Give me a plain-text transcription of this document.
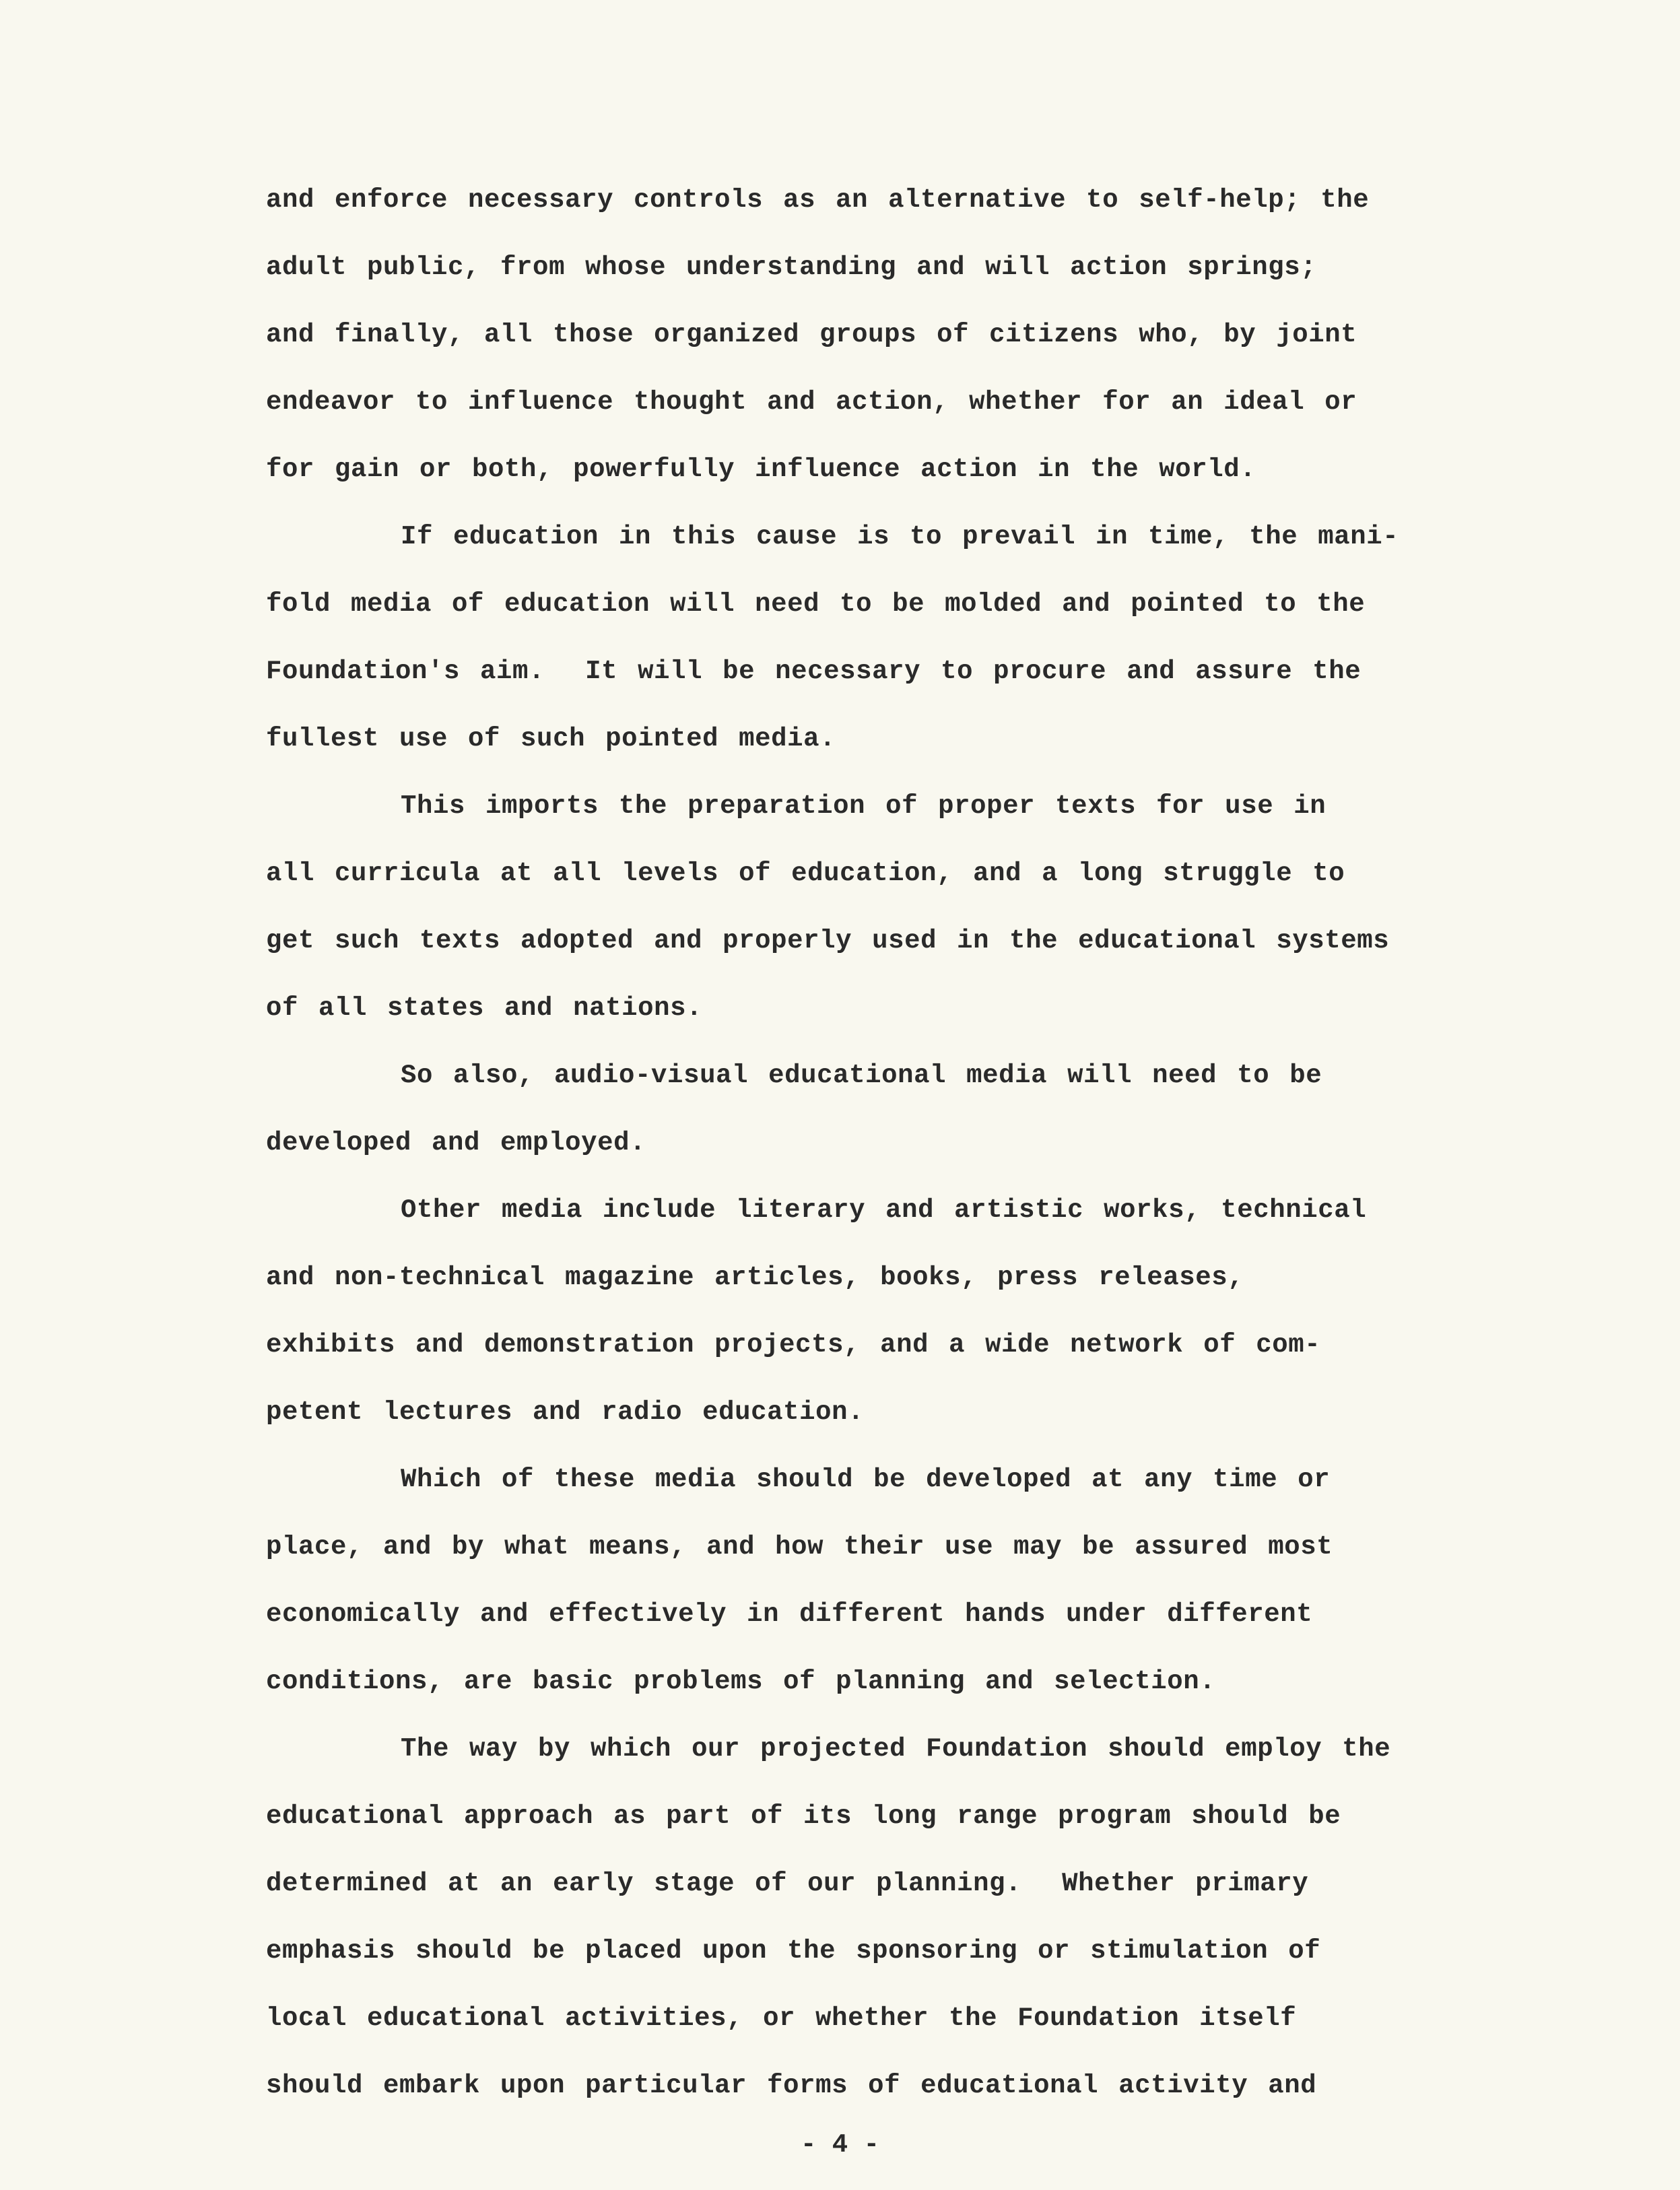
and enforce necessary controls as an alternative to self-help; the
adult public, from whose understanding and will action springs;
and finally, all those organized groups of citizens who, by joint
endeavor to influence thought and action, whether for an ideal or
for gain or both, powerfully influence action in the world.
If education in this cause is to prevail in time, the mani-
fold media of education will need to be molded and pointed to the
Foundation's aim.  It will be necessary to procure and assure the
fullest use of such pointed media.
This imports the preparation of proper texts for use in
all curricula at all levels of education, and a long struggle to
get such texts adopted and properly used in the educational systems
of all states and nations.
So also, audio-visual educational media will need to be
developed and employed.
Other media include literary and artistic works, technical
and non-technical magazine articles, books, press releases,
exhibits and demonstration projects, and a wide network of com-
petent lectures and radio education.
Which of these media should be developed at any time or
place, and by what means, and how their use may be assured most
economically and effectively in different hands under different
conditions, are basic problems of planning and selection.
The way by which our projected Foundation should employ the
educational approach as part of its long range program should be
determined at an early stage of our planning.  Whether primary
emphasis should be placed upon the sponsoring or stimulation of
local educational activities, or whether the Foundation itself
should embark upon particular forms of educational activity and
- 4 -
